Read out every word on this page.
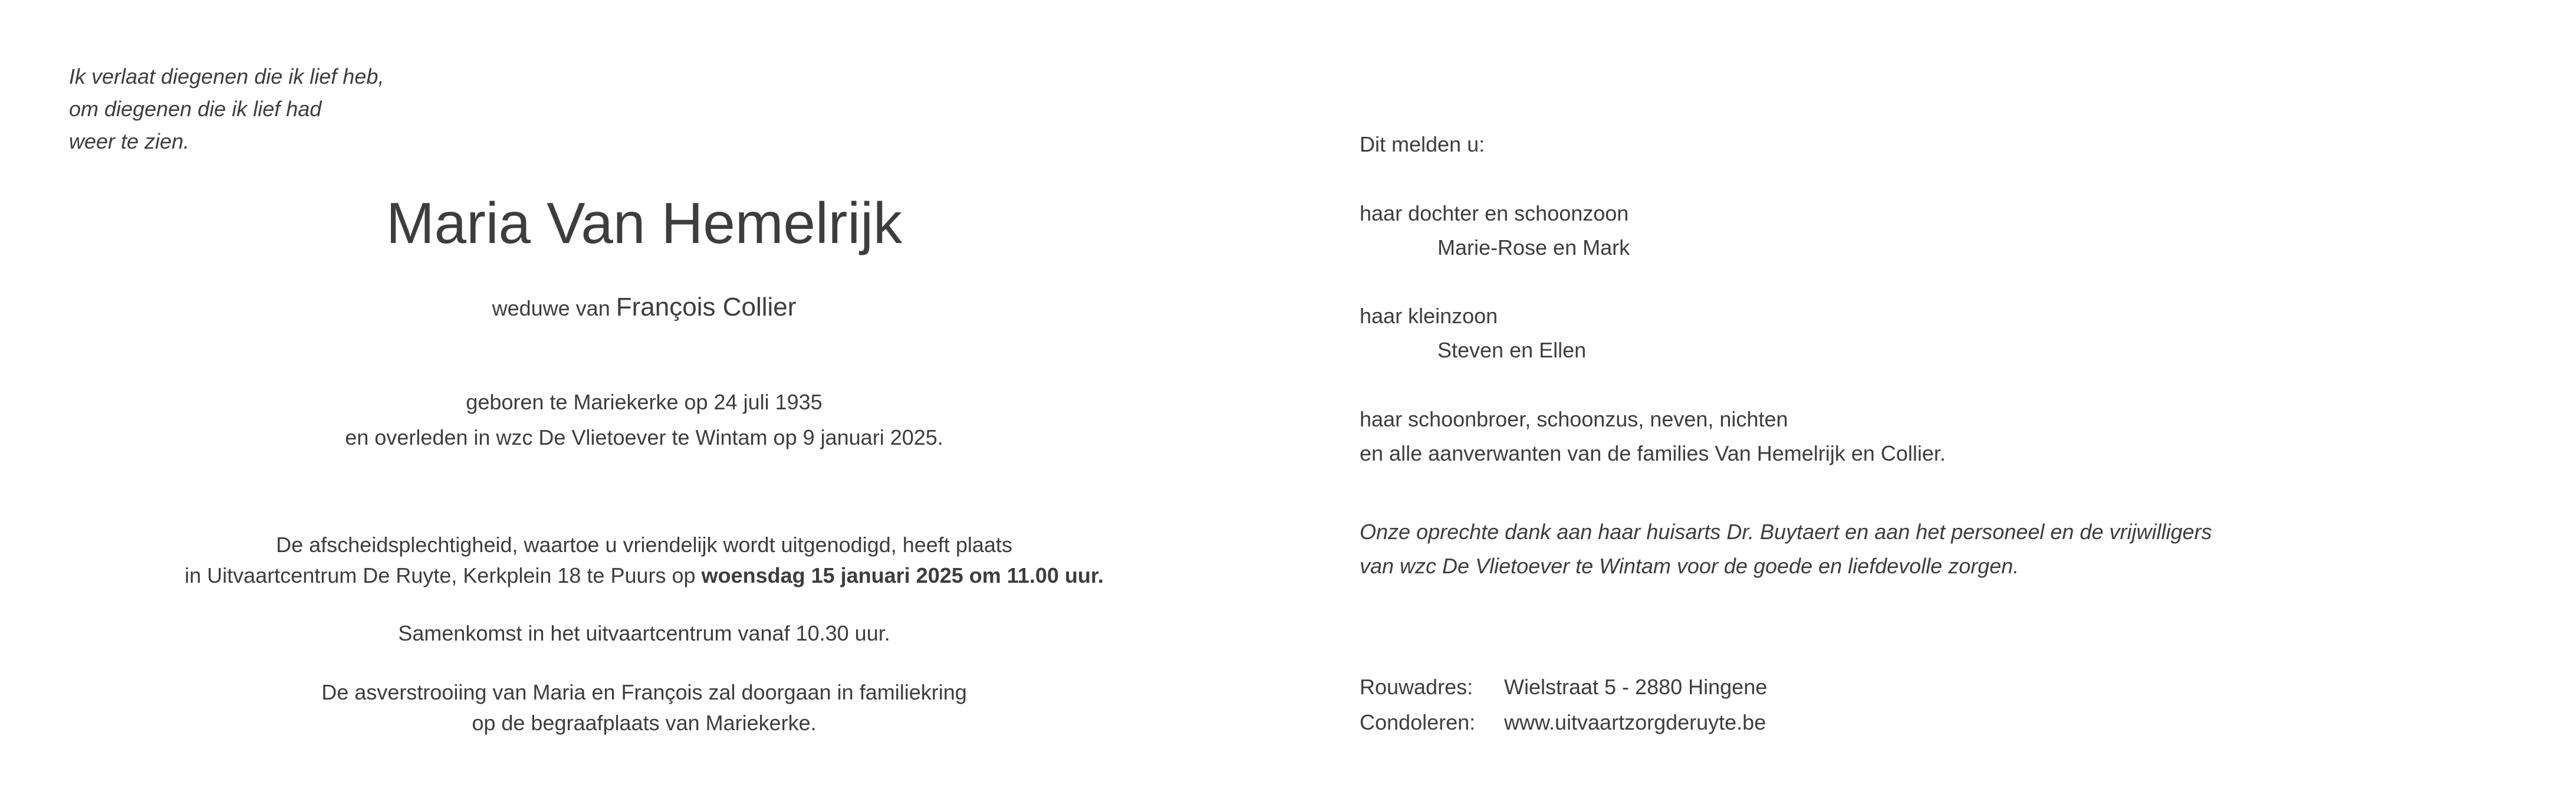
Ik verlaat diegenen die ik lief heb,
om diegenen die ik lief had
weer te zien.
Maria Van Hemelrijk
weduwe van François Collier
geboren te Mariekerke op 24 juli 1935
en overleden in wzc De Vlietoever te Wintam op 9 januari 2025.
De afscheidsplechtigheid, waartoe u vriendelijk wordt uitgenodigd, heeft plaats
in Uitvaartcentrum De Ruyte, Kerkplein 18 te Puurs op woensdag 15 januari 2025 om 11.00 uur.
Samenkomst in het uitvaartcentrum vanaf 10.30 uur.
De asverstrooiing van Maria en François zal doorgaan in familiekring
op de begraafplaats van Mariekerke.
Dit melden u:
haar dochter en schoonzoon
Marie-Rose en Mark
haar kleinzoon
Steven en Ellen
haar schoonbroer, schoonzus, neven, nichten
en alle aanverwanten van de families Van Hemelrijk en Collier.
Onze oprechte dank aan haar huisarts Dr. Buytaert en aan het personeel en de vrijwilligers
van wzc De Vlietoever te Wintam voor de goede en liefdevolle zorgen.
Rouwadres:	Wielstraat 5 - 2880 Hingene
Condoleren:	www.uitvaartzorgderuyte.be
